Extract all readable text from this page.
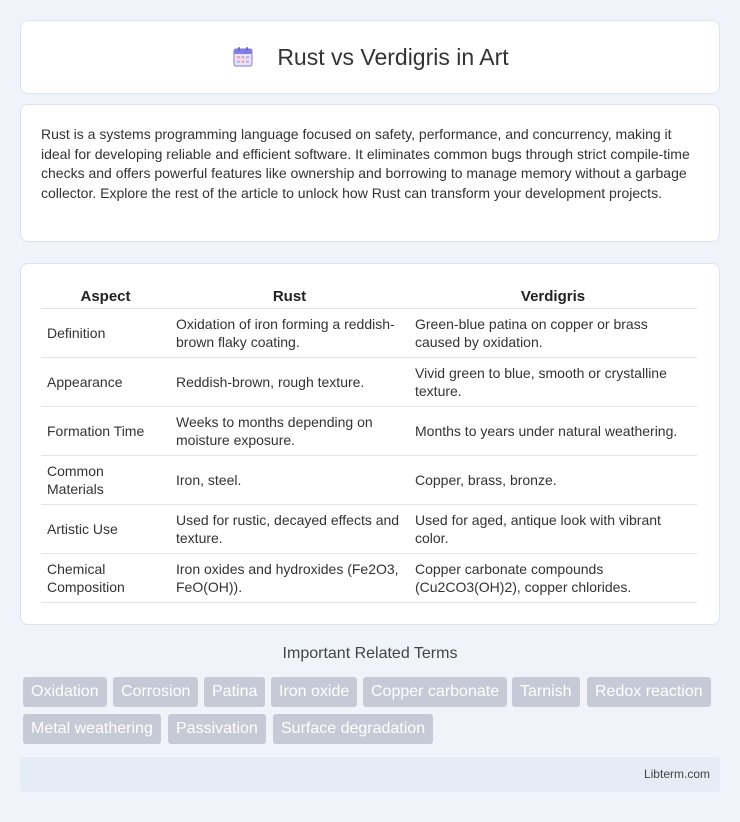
Rust vs Verdigris in Art

Rust is a systems programming language focused on safety, performance, and concurrency, making it ideal for developing reliable and efficient software. It eliminates common bugs through strict compile-time checks and offers powerful features like ownership and borrowing to manage memory without a garbage collector. Explore the rest of the article to unlock how Rust can transform your development projects.

Aspect	Rust	Verdigris
Definition	Oxidation of iron forming a reddish-brown flaky coating.	Green-blue patina on copper or brass caused by oxidation.
Appearance	Reddish-brown, rough texture.	Vivid green to blue, smooth or crystalline texture.
Formation Time	Weeks to months depending on moisture exposure.	Months to years under natural weathering.
Common Materials	Iron, steel.	Copper, brass, bronze.
Artistic Use	Used for rustic, decayed effects and texture.	Used for aged, antique look with vibrant color.
Chemical Composition	Iron oxides and hydroxides (Fe2O3, FeO(OH)).	Copper carbonate compounds (Cu2CO3(OH)2), copper chlorides.
Important Related Terms
Oxidation	Corrosion	Patina	Iron oxide	Copper carbonate	Tarnish	Redox reaction
Metal weathering	Passivation	Surface degradation
Libterm.com
